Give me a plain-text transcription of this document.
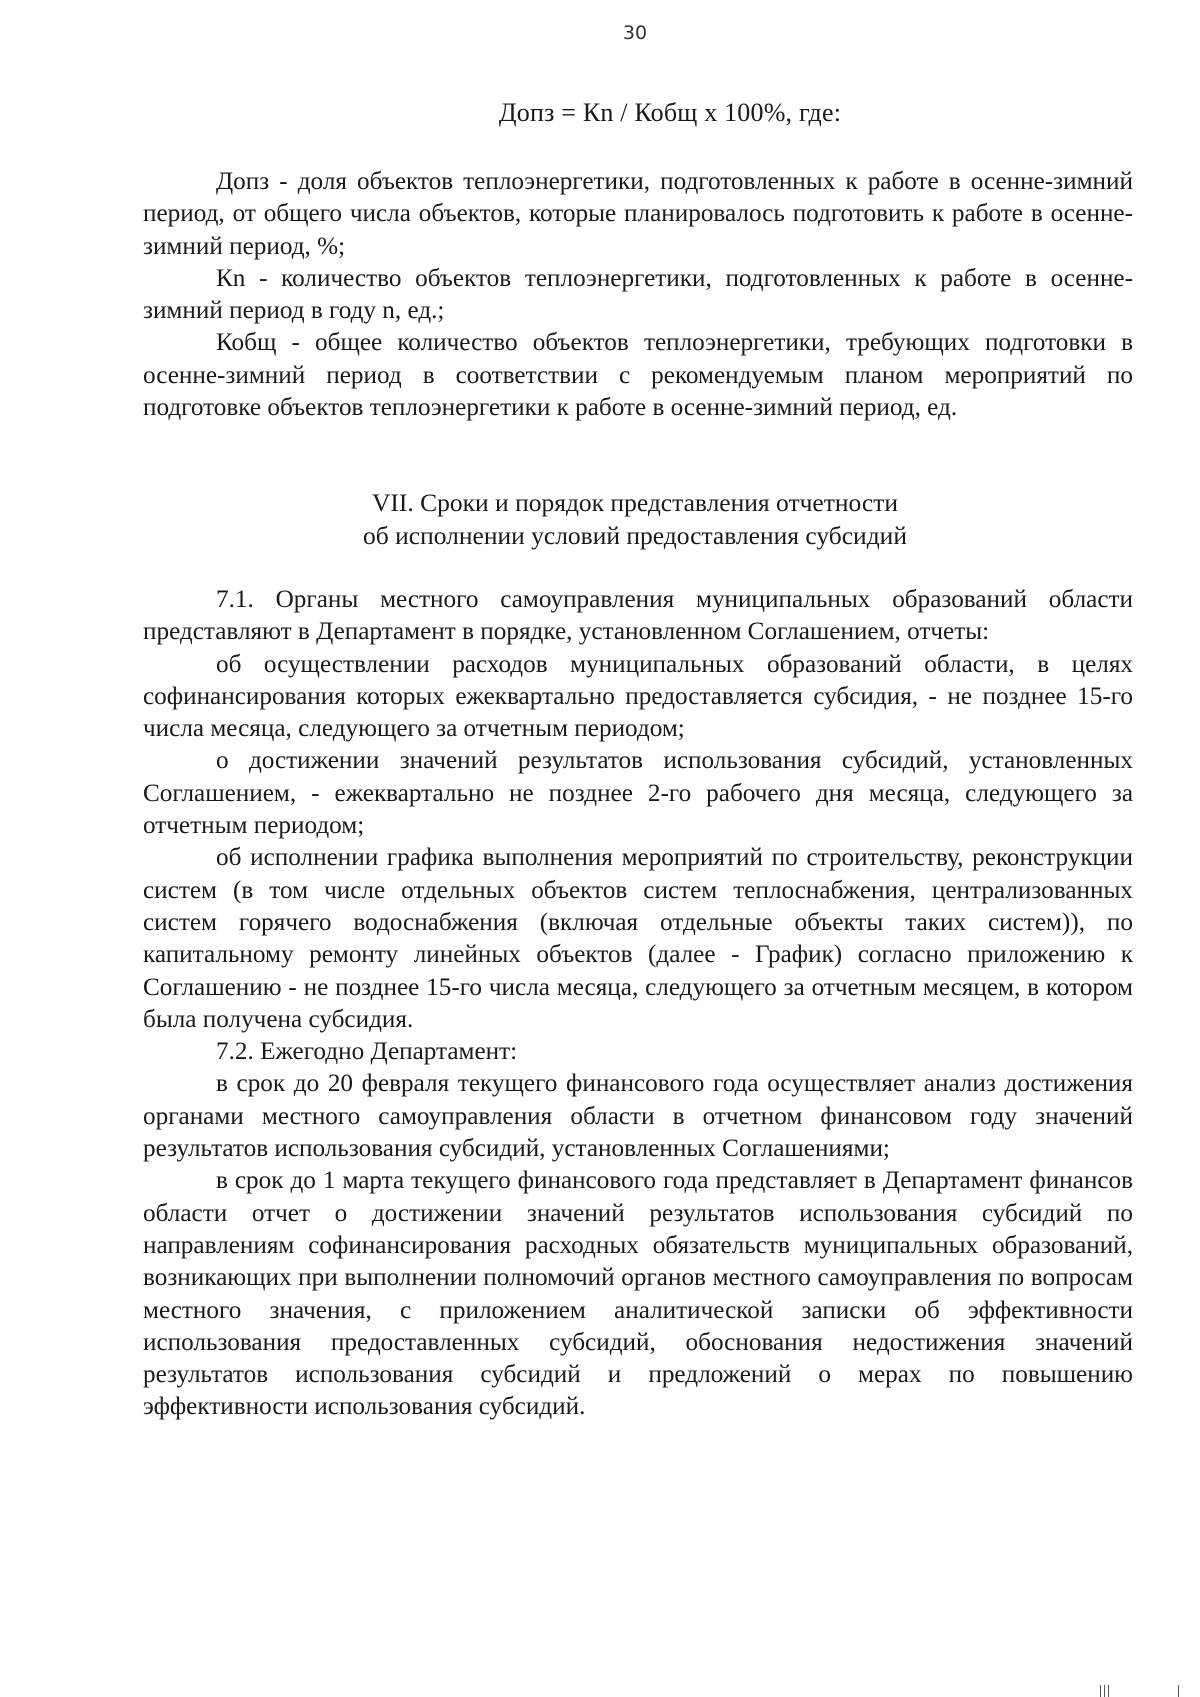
30
Допз = Кn / Кобщ х 100%, где:

Допз - доля объектов теплоэнергетики, подготовленных к работе в осенне-зимний период, от общего числа объектов, которые планировалось подготовить к работе в осенне-зимний период, %;

Кn - количество объектов теплоэнергетики, подготовленных к работе в осенне-зимний период в году n, ед.;

Кобщ - общее количество объектов теплоэнергетики, требующих подготовки в осенне-зимний период в соответствии с рекомендуемым планом мероприятий по подготовке объектов теплоэнергетики к работе в осенне-зимний период, ед.

VII. Сроки и порядок представления отчетности
об исполнении условий предоставления субсидий

7.1. Органы местного самоуправления муниципальных образований области представляют в Департамент в порядке, установленном Соглашением, отчеты:

об осуществлении расходов муниципальных образований области, в целях софинансирования которых ежеквартально предоставляется субсидия, - не позднее 15-го числа месяца, следующего за отчетным периодом;

о достижении значений результатов использования субсидий, установленных Соглашением, - ежеквартально не позднее 2-го рабочего дня месяца, следующего за отчетным периодом;

об исполнении графика выполнения мероприятий по строительству, реконструкции систем (в том числе отдельных объектов систем теплоснабжения, централизованных систем горячего водоснабжения (включая отдельные объекты таких систем)), по капитальному ремонту линейных объектов (далее - График) согласно приложению к Соглашению - не позднее 15-го числа месяца, следующего за отчетным месяцем, в котором была получена субсидия.

7.2. Ежегодно Департамент:

в срок до 20 февраля текущего финансового года осуществляет анализ достижения органами местного самоуправления области в отчетном финансовом году значений результатов использования субсидий, установленных Соглашениями;

в срок до 1 марта текущего финансового года представляет в Департамент финансов области отчет о достижении значений результатов использования субсидий по направлениям софинансирования расходных обязательств муниципальных образований, возникающих при выполнении полномочий органов местного самоуправления по вопросам местного значения, с приложением аналитической записки об эффективности использования предоставленных субсидий, обоснования недостижения значений результатов использования субсидий и предложений о мерах по повышению эффективности использования субсидий.
